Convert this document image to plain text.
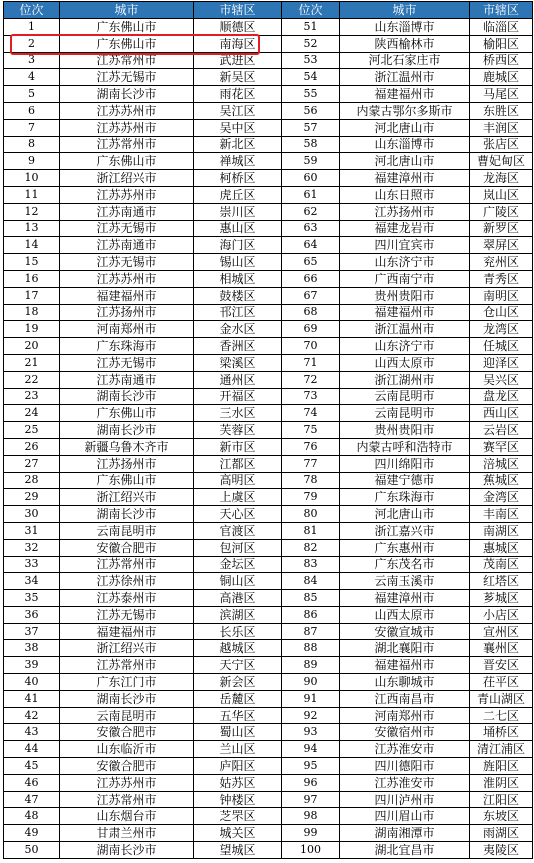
位次	城市	市辖区	位次	城市	市辖区
1	广东佛山市	顺德区	51	山东淄博市	临淄区
2	广东佛山市	南海区	52	陕西榆林市	榆阳区
3	江苏常州市	武进区	53	河北石家庄市	桥西区
4	江苏无锡市	新吴区	54	浙江温州市	鹿城区
5	湖南长沙市	雨花区	55	福建福州市	马尾区
6	江苏苏州市	吴江区	56	内蒙古鄂尔多斯市	东胜区
7	江苏苏州市	吴中区	57	河北唐山市	丰润区
8	江苏常州市	新北区	58	山东淄博市	张店区
9	广东佛山市	禅城区	59	河北唐山市	曹妃甸区
10	浙江绍兴市	柯桥区	60	福建漳州市	龙海区
11	江苏苏州市	虎丘区	61	山东日照市	岚山区
12	江苏南通市	崇川区	62	江苏扬州市	广陵区
13	江苏无锡市	惠山区	63	福建龙岩市	新罗区
14	江苏南通市	海门区	64	四川宜宾市	翠屏区
15	江苏无锡市	锡山区	65	山东济宁市	兖州区
16	江苏苏州市	相城区	66	广西南宁市	青秀区
17	福建福州市	鼓楼区	67	贵州贵阳市	南明区
18	江苏扬州市	邗江区	68	福建福州市	仓山区
19	河南郑州市	金水区	69	浙江温州市	龙湾区
20	广东珠海市	香洲区	70	山东济宁市	任城区
21	江苏无锡市	梁溪区	71	山西太原市	迎泽区
22	江苏南通市	通州区	72	浙江湖州市	吴兴区
23	湖南长沙市	开福区	73	云南昆明市	盘龙区
24	广东佛山市	三水区	74	云南昆明市	西山区
25	湖南长沙市	芙蓉区	75	贵州贵阳市	云岩区
26	新疆乌鲁木齐市	新市区	76	内蒙古呼和浩特市	赛罕区
27	江苏扬州市	江都区	77	四川绵阳市	涪城区
28	广东佛山市	高明区	78	福建宁德市	蕉城区
29	浙江绍兴市	上虞区	79	广东珠海市	金湾区
30	湖南长沙市	天心区	80	河北唐山市	丰南区
31	云南昆明市	官渡区	81	浙江嘉兴市	南湖区
32	安徽合肥市	包河区	82	广东惠州市	惠城区
33	江苏常州市	金坛区	83	广东茂名市	茂南区
34	江苏徐州市	铜山区	84	云南玉溪市	红塔区
35	江苏泰州市	高港区	85	福建漳州市	芗城区
36	江苏无锡市	滨湖区	86	山西太原市	小店区
37	福建福州市	长乐区	87	安徽宣城市	宣州区
38	浙江绍兴市	越城区	88	湖北襄阳市	襄州区
39	江苏常州市	天宁区	89	福建福州市	晋安区
40	广东江门市	新会区	90	山东聊城市	茌平区
41	湖南长沙市	岳麓区	91	江西南昌市	青山湖区
42	云南昆明市	五华区	92	河南郑州市	二七区
43	安徽合肥市	蜀山区	93	安徽宿州市	埇桥区
44	山东临沂市	兰山区	94	江苏淮安市	清江浦区
45	安徽合肥市	庐阳区	95	四川德阳市	旌阳区
46	江苏苏州市	姑苏区	96	江苏淮安市	淮阴区
47	江苏常州市	钟楼区	97	四川泸州市	江阳区
48	山东烟台市	芝罘区	98	四川眉山市	东坡区
49	甘肃兰州市	城关区	99	湖南湘潭市	雨湖区
50	湖南长沙市	望城区	100	湖北宜昌市	夷陵区
